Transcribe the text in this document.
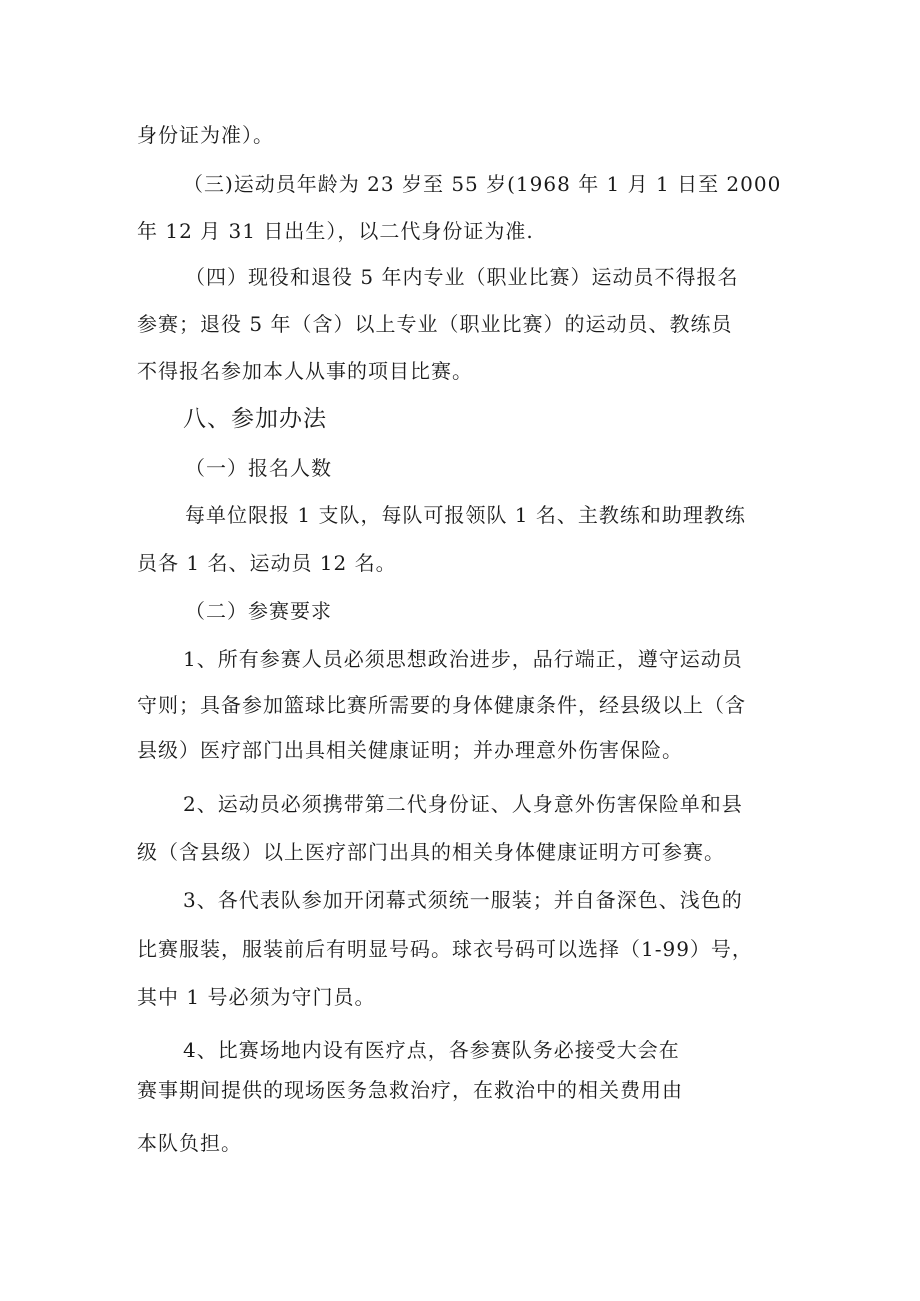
身份证为准）。
（三)运动员年龄为 23 岁至 55 岁(1968 年 1 月 1 日至 2000
年 12 月 31 日出生），以二代身份证为准.
（四）现役和退役 5 年内专业（职业比赛）运动员不得报名
参赛；退役 5 年（含）以上专业（职业比赛）的运动员、教练员
不得报名参加本人从事的项目比赛。
八、参加办法
（一）报名人数
每单位限报 1 支队，每队可报领队 1 名、主教练和助理教练
员各 1 名、运动员 12 名。
（二）参赛要求
1、所有参赛人员必须思想政治进步，品行端正，遵守运动员
守则；具备参加篮球比赛所需要的身体健康条件，经县级以上（含
县级）医疗部门出具相关健康证明；并办理意外伤害保险。
2、运动员必须携带第二代身份证、人身意外伤害保险单和县
级（含县级）以上医疗部门出具的相关身体健康证明方可参赛。
3、各代表队参加开闭幕式须统一服装；并自备深色、浅色的
比赛服装，服装前后有明显号码。球衣号码可以选择（1-99）号，
其中 1 号必须为守门员。
4、比赛场地内设有医疗点，各参赛队务必接受大会在
赛事期间提供的现场医务急救治疗，在救治中的相关费用由
本队负担。
